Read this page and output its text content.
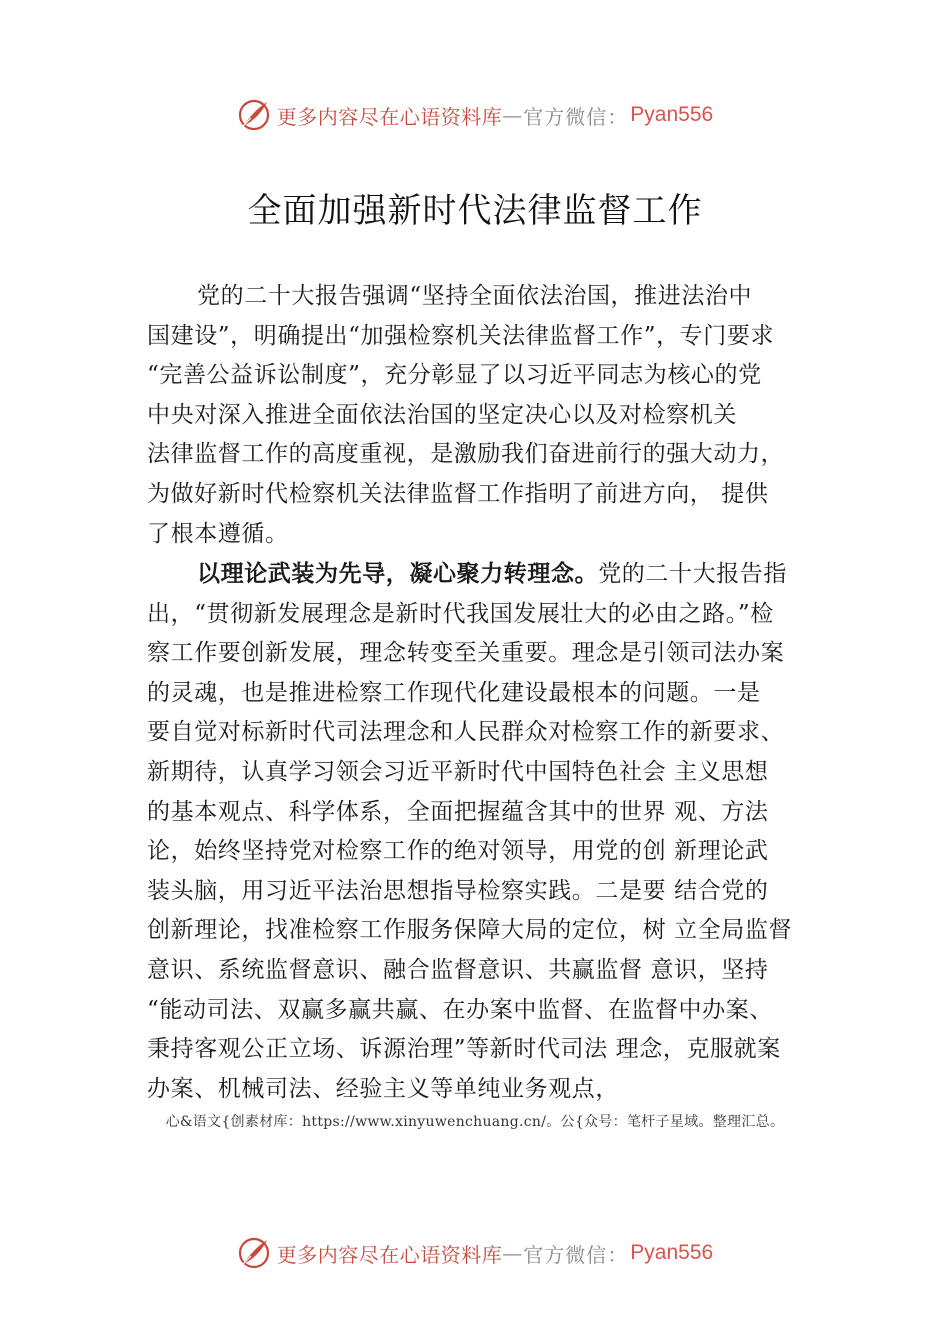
更多内容尽在心语资料库 — 官方微信： Pyan556
全面加强新时代法律监督工作

党的二十大报告强调“坚持全面依法治国，推进法治中
国建设”，明确提出“加强检察机关法律监督工作”，专门要求
“完善公益诉讼制度”，充分彰显了以习近平同志为核心的党
中央对深入推进全面依法治国的坚定决心以及对检察机关
法律监督工作的高度重视，是激励我们奋进前行的强大动力，
为做好新时代检察机关法律监督工作指明了前进方向， 提供
了根本遵循。

以理论武装为先导，凝心聚力转理念。党的二十大报告指
出，“贯彻新发展理念是新时代我国发展壮大的必由之路。”检
察工作要创新发展，理念转变至关重要。理念是引领司法办案
的灵魂，也是推进检察工作现代化建设最根本的问题。一是
要自觉对标新时代司法理念和人民群众对检察工作的新要求、
新期待，认真学习领会习近平新时代中国特色社会 主义思想
的基本观点、科学体系，全面把握蕴含其中的世界 观、方法
论，始终坚持党对检察工作的绝对领导，用党的创 新理论武
装头脑，用习近平法治思想指导检察实践。二是要 结合党的
创新理论，找准检察工作服务保障大局的定位，树 立全局监督
意识、系统监督意识、融合监督意识、共赢监督 意识，坚持
“能动司法、双赢多赢共赢、在办案中监督、在监督中办案、
秉持客观公正立场、诉源治理”等新时代司法 理念，克服就案
办案、机械司法、经验主义等单纯业务观点，

心&语文{创素材库：https://www.xinyuwenchuang.cn/。公{众号：笔杆子星域。整理汇总。
更多内容尽在心语资料库 — 官方微信： Pyan556
